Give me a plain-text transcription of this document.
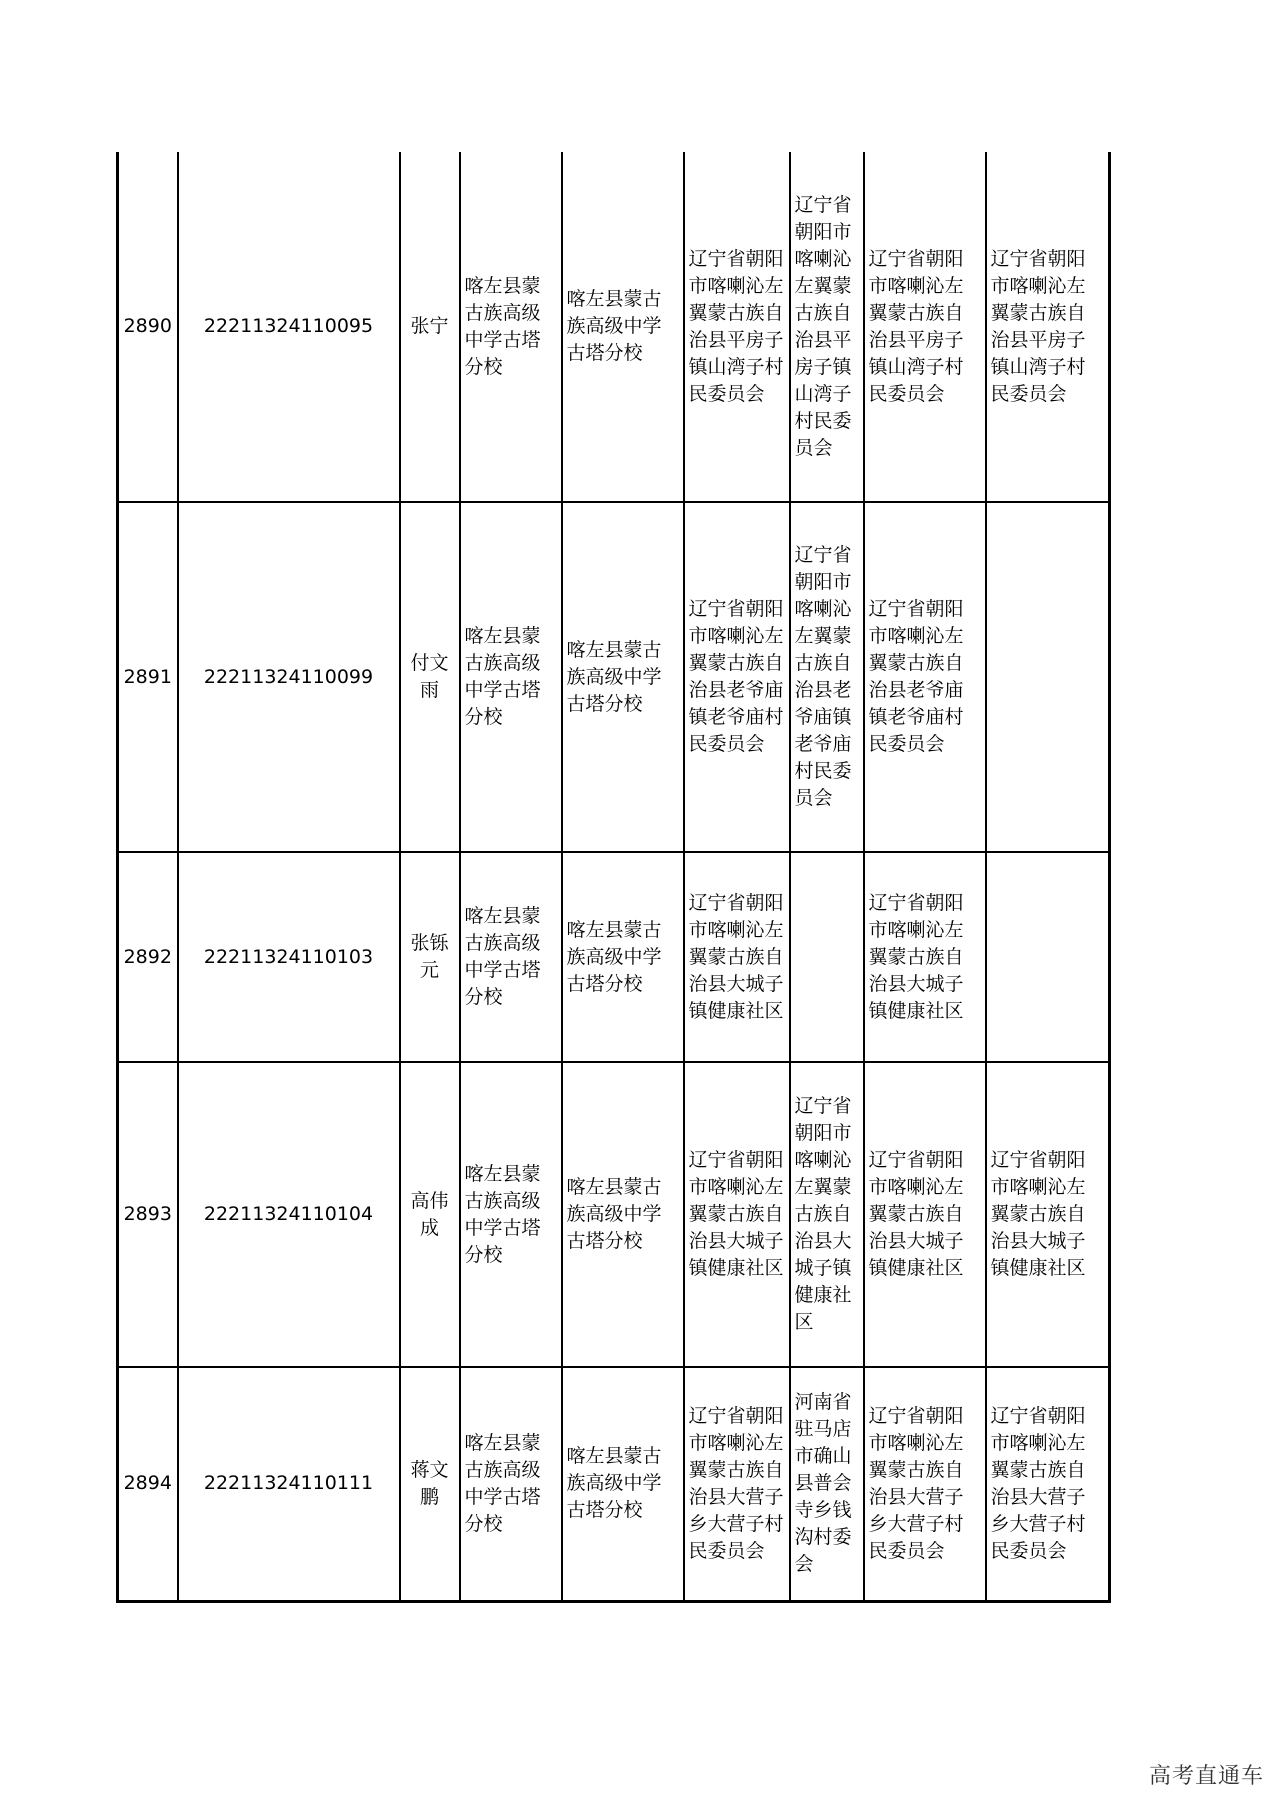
2890	22211324110095	张宁	喀左县蒙古族高级中学古塔分校	喀左县蒙古族高级中学古塔分校	辽宁省朝阳市喀喇沁左翼蒙古族自治县平房子镇山湾子村民委员会	辽宁省朝阳市喀喇沁左翼蒙古族自治县平房子镇山湾子村民委员会	辽宁省朝阳市喀喇沁左翼蒙古族自治县平房子镇山湾子村民委员会	辽宁省朝阳市喀喇沁左翼蒙古族自治县平房子镇山湾子村民委员会
2891	22211324110099	付文雨	喀左县蒙古族高级中学古塔分校	喀左县蒙古族高级中学古塔分校	辽宁省朝阳市喀喇沁左翼蒙古族自治县老爷庙镇老爷庙村民委员会	辽宁省朝阳市喀喇沁左翼蒙古族自治县老爷庙镇老爷庙村民委员会	辽宁省朝阳市喀喇沁左翼蒙古族自治县老爷庙镇老爷庙村民委员会	
2892	22211324110103	张铄元	喀左县蒙古族高级中学古塔分校	喀左县蒙古族高级中学古塔分校	辽宁省朝阳市喀喇沁左翼蒙古族自治县大城子镇健康社区		辽宁省朝阳市喀喇沁左翼蒙古族自治县大城子镇健康社区	
2893	22211324110104	高伟成	喀左县蒙古族高级中学古塔分校	喀左县蒙古族高级中学古塔分校	辽宁省朝阳市喀喇沁左翼蒙古族自治县大城子镇健康社区	辽宁省朝阳市喀喇沁左翼蒙古族自治县大城子镇健康社区	辽宁省朝阳市喀喇沁左翼蒙古族自治县大城子镇健康社区	辽宁省朝阳市喀喇沁左翼蒙古族自治县大城子镇健康社区
2894	22211324110111	蒋文鹏	喀左县蒙古族高级中学古塔分校	喀左县蒙古族高级中学古塔分校	辽宁省朝阳市喀喇沁左翼蒙古族自治县大营子乡大营子村民委员会	河南省驻马店市确山县普会寺乡钱沟村委会	辽宁省朝阳市喀喇沁左翼蒙古族自治县大营子乡大营子村民委员会	辽宁省朝阳市喀喇沁左翼蒙古族自治县大营子乡大营子村民委员会
高考直通车
